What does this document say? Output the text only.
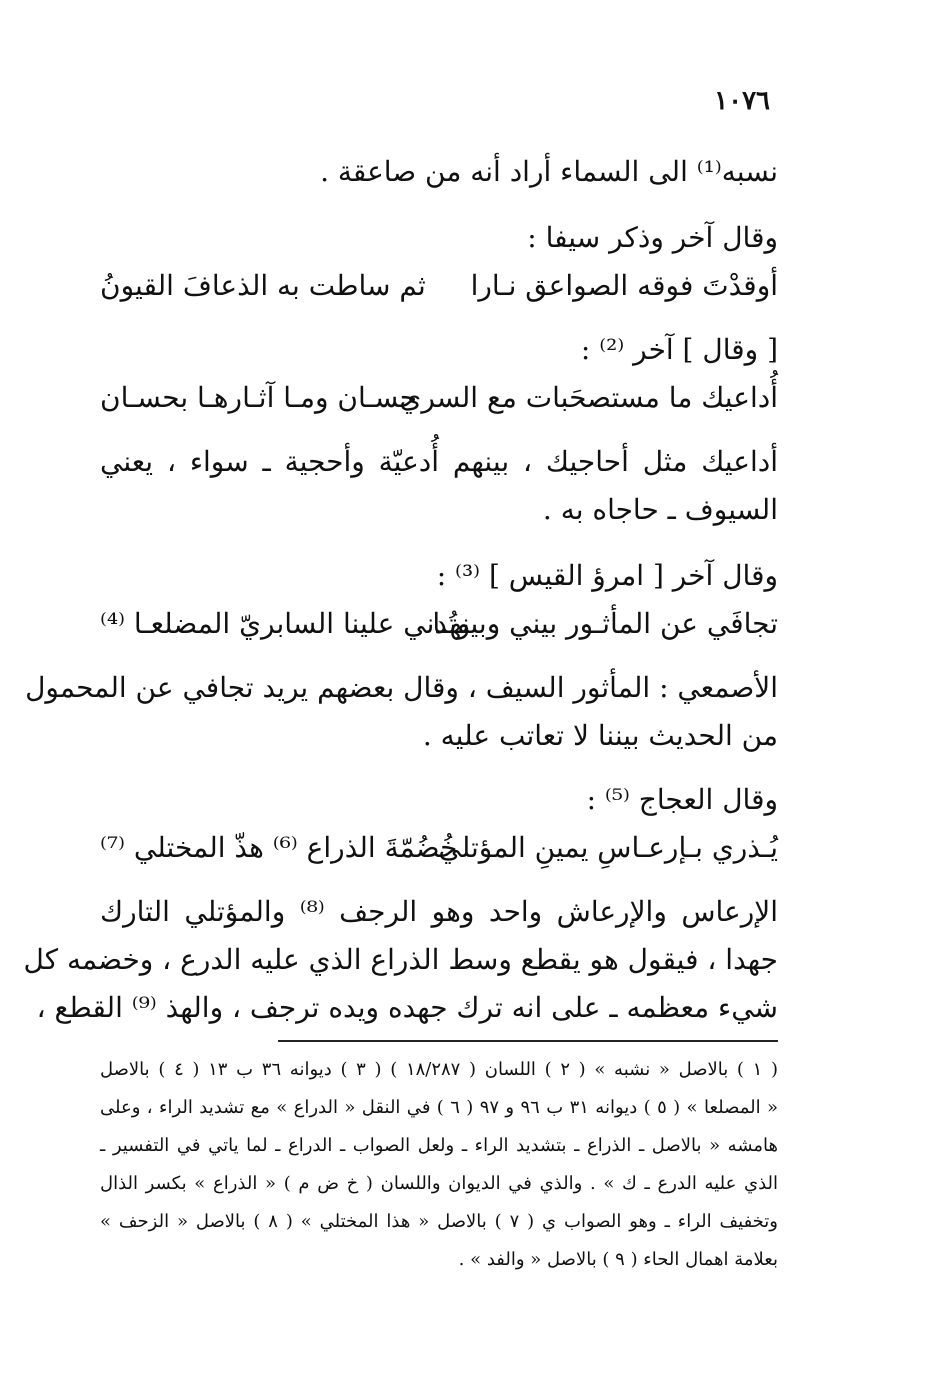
١٠٧٦
نسبه⁽¹⁾ الى السماء أراد أنه من صاعقة .
وقال آخر وذكر سيفا :
أوقدْتَ فوقه الصواعق نـارا
ثم ساطت به الذعافَ القيونُ
[ وقال ] آخر ⁽²⁾ :
أُداعيك ما مستصحَبات مع السري
حسـان ومـا آثـارهـا بحسـان
أداعيك مثل أحاجيك ، بينهم أُدعيّة وأحجية ـ سواء ، يعني
السيوف ـ حاجاه به .
وقال آخر [ امرؤ القيس ] ⁽³⁾ :
تجافَي عن المأثـور بيني وبينهـا
وتُدني علينا السابريّ المضلعـا ⁽⁴⁾
الأصمعي : المأثور السيف ، وقال بعضهم يريد تجافي عن المحمول
من الحديث بيننا لا تعاتب عليه .
وقال العجاج ⁽⁵⁾ :
يُـذري بـإرعـاسِ يمينِ المؤتلي
خُضُمّةَ الذراع ⁽⁶⁾ هذّ المختلي ⁽⁷⁾
الإرعاس والإرعاش واحد وهو الرجف ⁽⁸⁾ والمؤتلي التارك
جهدا ، فيقول هو يقطع وسط الذراع الذي عليه الدرع ، وخضمه كل
شيء معظمه ـ على انه ترك جهده ويده ترجف ، والهذ ⁽⁹⁾ القطع ،
( ١ ) بالاصل « نشبه » ( ٢ ) اللسان ( ١٨/٢٨٧ ) ( ٣ ) ديوانه ٣٦ ب ١٣ ( ٤ ) بالاصل
« المصلعا » ( ٥ ) ديوانه ٣١ ب ٩٦ و ٩٧ ( ٦ ) في النقل « الدراع » مع تشديد الراء ، وعلى
هامشه « بالاصل ـ الذراع ـ بتشديد الراء ـ ولعل الصواب ـ الدراع ـ لما ياتي في التفسير ـ
الذي عليه الدرع ـ ك » . والذي في الديوان واللسان ( خ ض م ) « الذراع » بكسر الذال
وتخفيف الراء ـ وهو الصواب ي ( ٧ ) بالاصل « هذا المختلي » ( ٨ ) بالاصل « الزحف »
بعلامة اهمال الحاء ( ٩ ) بالاصل « والفد » .
